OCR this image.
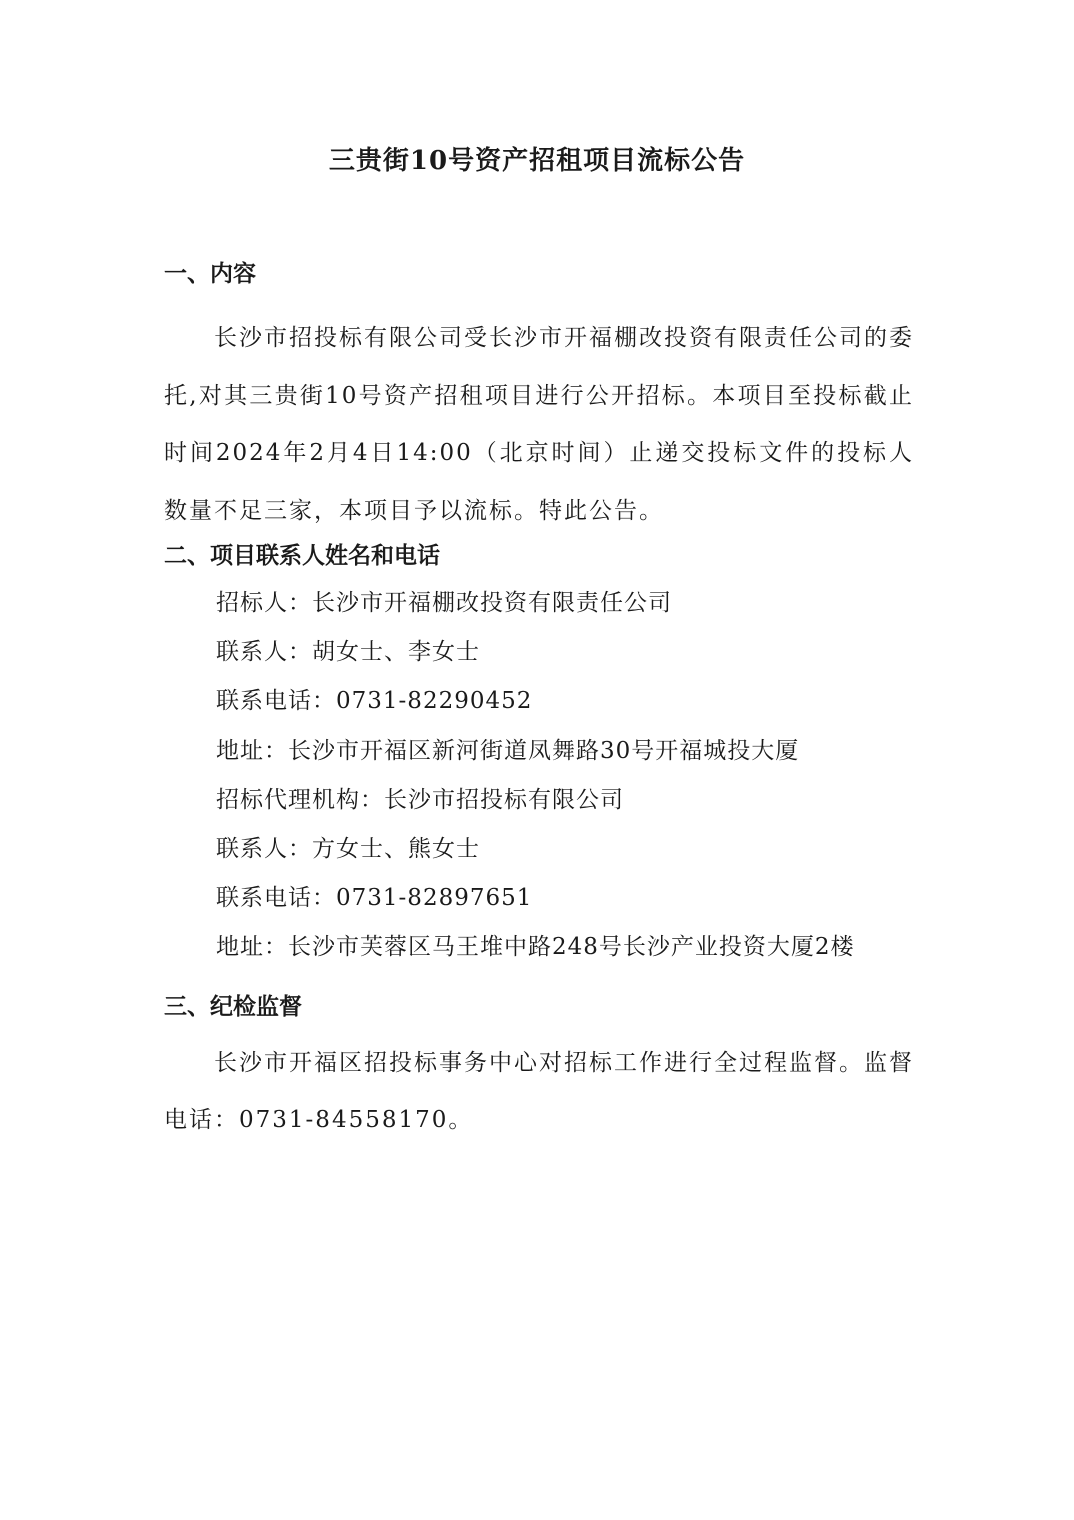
三贵街10号资产招租项目流标公告
一、内容

长沙市招投标有限公司受长沙市开福棚改投资有限责任公司的委托,对其三贵街10号资产招租项目进行公开招标。本项目至投标截止时间2024年2月4日14:00（北京时间）止递交投标文件的投标人数量不足三家，本项目予以流标。特此公告。

二、项目联系人姓名和电话

招标人：长沙市开福棚改投资有限责任公司

联系人：胡女士、李女士

联系电话：0731-82290452

地址：长沙市开福区新河街道凤舞路30号开福城投大厦

招标代理机构：长沙市招投标有限公司

联系人：方女士、熊女士

联系电话：0731-82897651

地址：长沙市芙蓉区马王堆中路248号长沙产业投资大厦2楼

三、纪检监督

长沙市开福区招投标事务中心对招标工作进行全过程监督。监督电话：0731-84558170。
